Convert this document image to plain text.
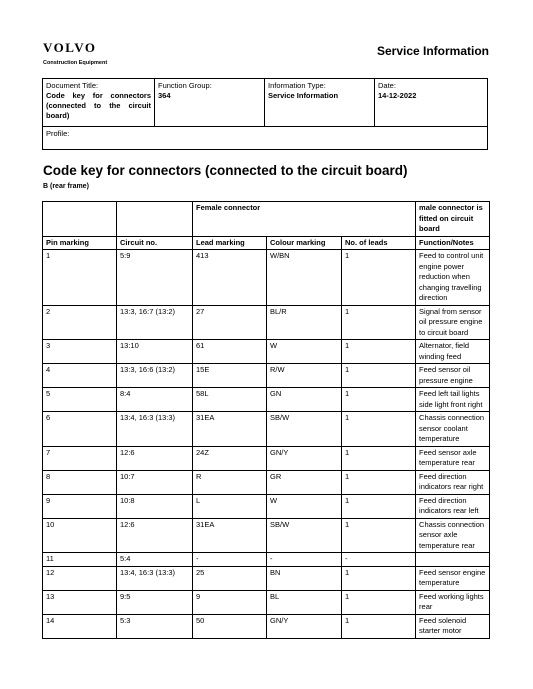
VOLVO
Construction Equipment
Service Information
Document Title:
Code key for connectors (connected to the circuit board)
Function Group:
364
Information Type:
Service Information
Date:
14-12-2022
Profile:
Code key for connectors (connected to the circuit board)
B (rear frame)
		Female connector			male connector is fitted on circuit board
Pin marking	Circuit no.	Lead marking	Colour marking	No. of leads	Function/Notes
1	5:9	413	W/BN	1	Feed to control unit engine power reduction when changing travelling direction
2	13:3, 16:7 (13:2)	27	BL/R	1	Signal from sensor oil pressure engine to circuit board
3	13:10	61	W	1	Alternator, field winding feed
4	13:3, 16:6 (13:2)	15E	R/W	1	Feed sensor oil pressure engine
5	8:4	58L	GN	1	Feed left tail lights side light front right
6	13:4, 16:3 (13:3)	31EA	SB/W	1	Chassis connection sensor coolant temperature
7	12:6	24Z	GN/Y	1	Feed sensor axle temperature rear
8	10:7	R	GR	1	Feed direction indicators rear right
9	10:8	L	W	1	Feed direction indicators rear left
10	12:6	31EA	SB/W	1	Chassis connection sensor axle temperature rear
11	5:4	-	-	-	
12	13:4, 16:3 (13:3)	25	BN	1	Feed sensor engine temperature
13	9:5	9	BL	1	Feed working lights rear
14	5:3	50	GN/Y	1	Feed solenoid starter motor
